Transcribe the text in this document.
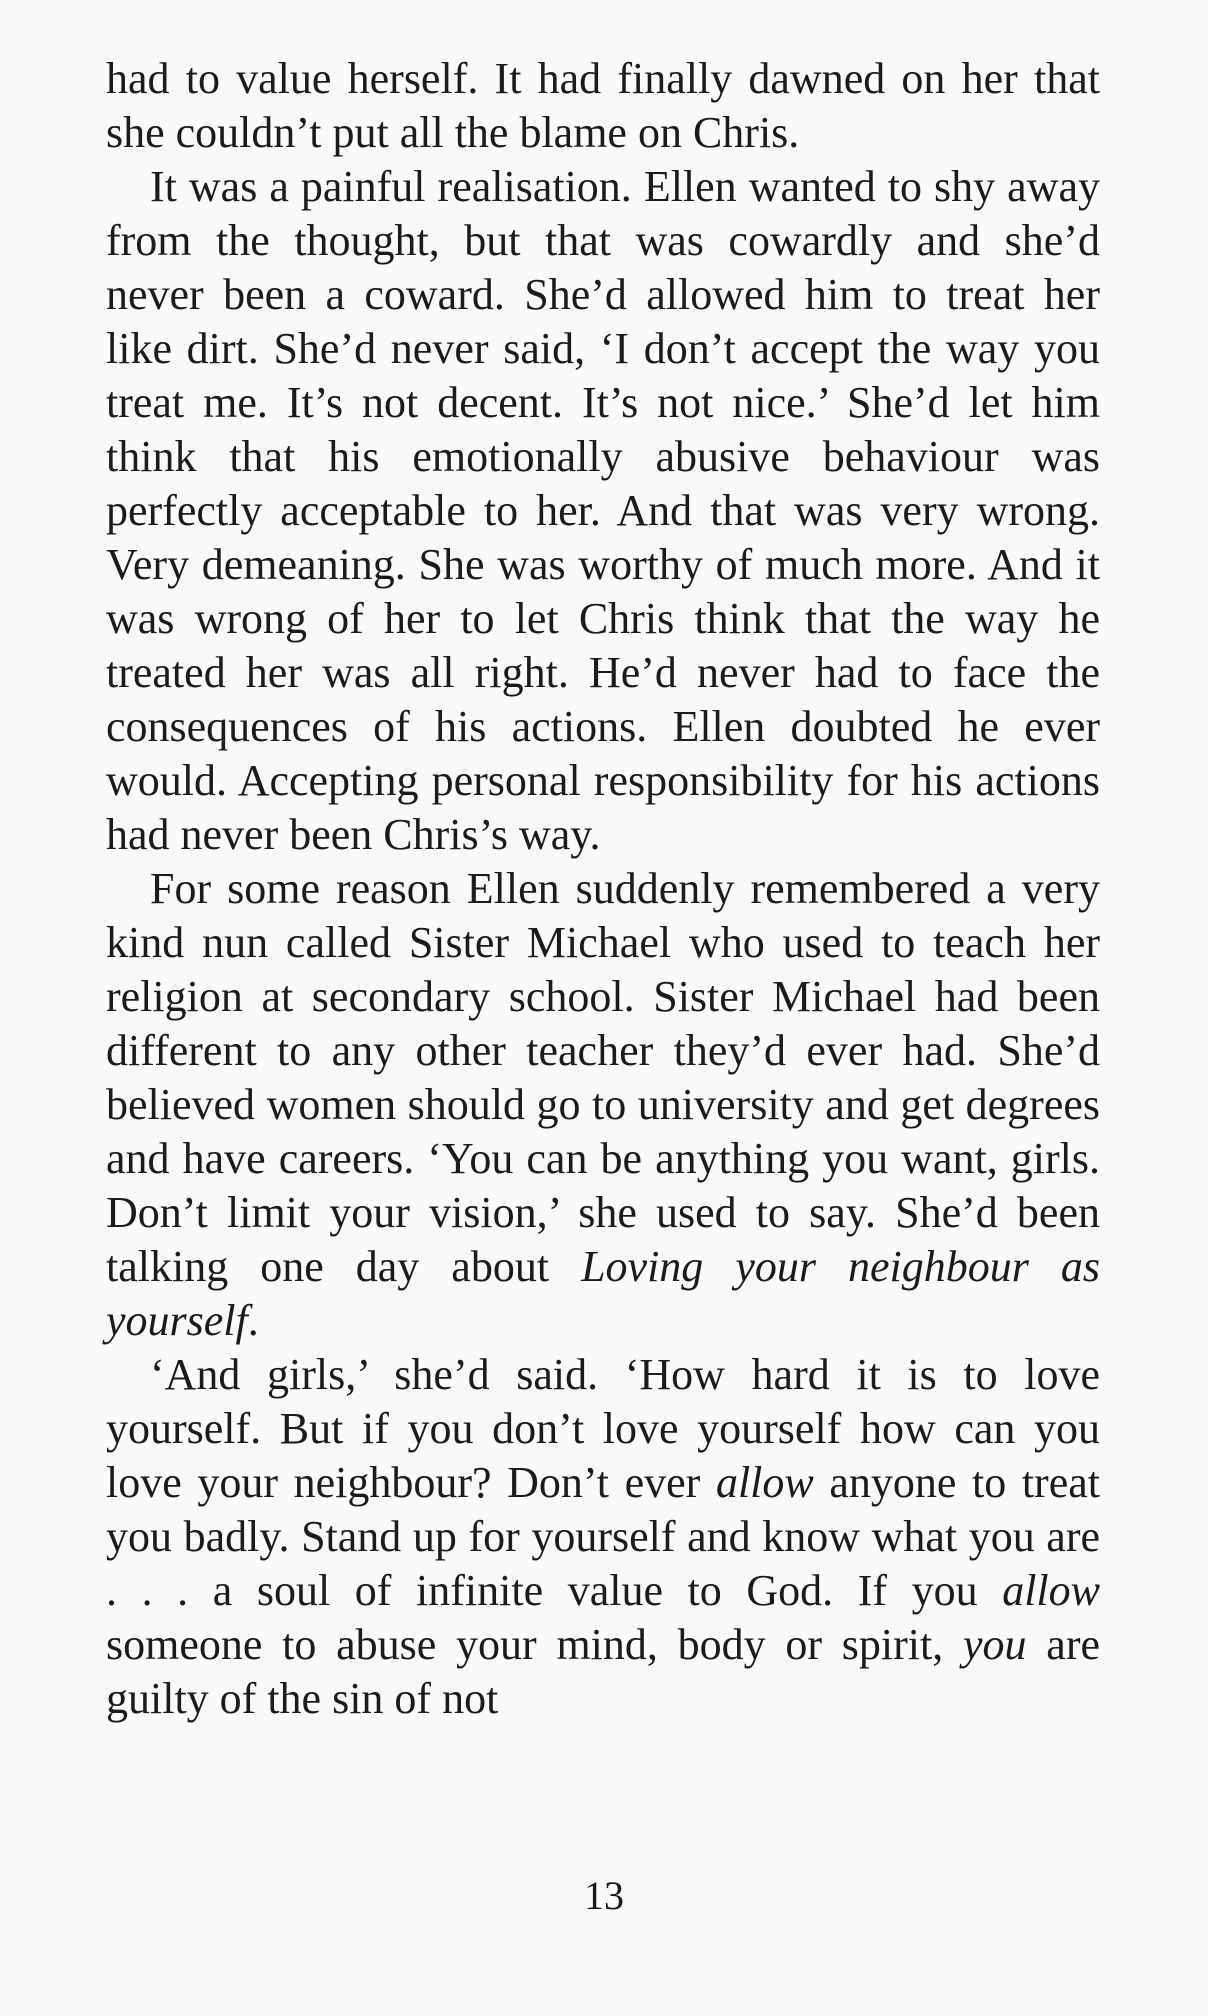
had to value herself. It had finally dawned on her that she couldn’t put all the blame on Chris.

It was a painful realisation. Ellen wanted to shy away from the thought, but that was cowardly and she’d never been a coward. She’d allowed him to treat her like dirt. She’d never said, ‘I don’t accept the way you treat me. It’s not decent. It’s not nice.’ She’d let him think that his emotionally abusive behaviour was perfectly acceptable to her. And that was very wrong. Very demeaning. She was worthy of much more. And it was wrong of her to let Chris think that the way he treated her was all right. He’d never had to face the consequences of his actions. Ellen doubted he ever would. Accepting personal responsibility for his actions had never been Chris’s way.

For some reason Ellen suddenly remembered a very kind nun called Sister Michael who used to teach her religion at secondary school. Sister Michael had been different to any other teacher they’d ever had. She’d believed women should go to university and get degrees and have careers. ‘You can be anything you want, girls. Don’t limit your vision,’ she used to say. She’d been talking one day about Loving your neighbour as yourself.

‘And girls,’ she’d said. ‘How hard it is to love yourself. But if you don’t love yourself how can you love your neighbour? Don’t ever allow anyone to treat you badly. Stand up for yourself and know what you are . . . a soul of infinite value to God. If you allow someone to abuse your mind, body or spirit, you are guilty of the sin of not

13
